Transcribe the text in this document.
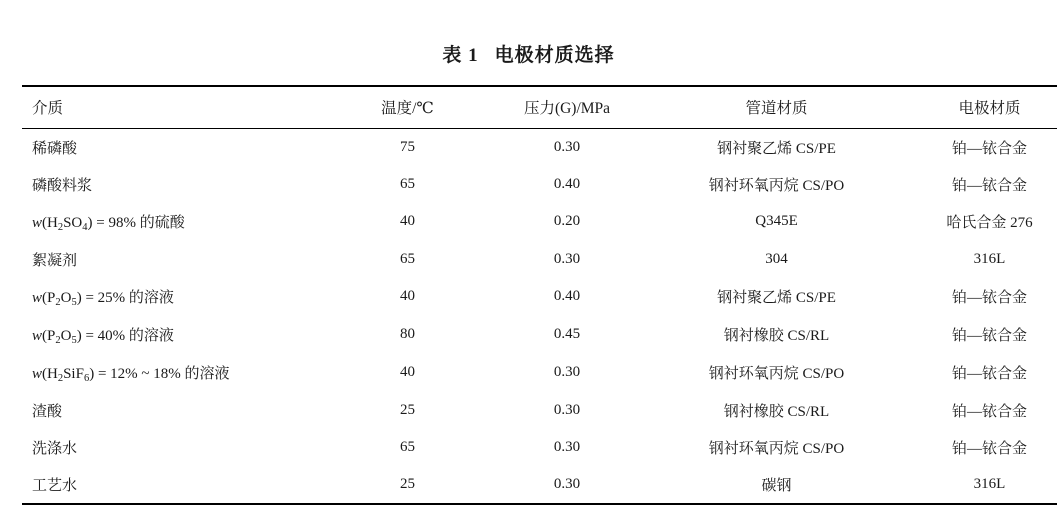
表 1 电极材质选择
介质	温度/℃	压力(G)/MPa	管道材质	电极材质
稀磷酸	75	0.30	钢衬聚乙烯 CS/PE	铂—铱合金
磷酸料浆	65	0.40	钢衬环氧丙烷 CS/PO	铂—铱合金
$w(H_2SO_4) = 98\%$ 的硫酸	40	0.20	Q345E	哈氏合金 276
絮凝剂	65	0.30	304	316L
$w(P_2O_5) = 25\%$ 的溶液	40	0.40	钢衬聚乙烯 CS/PE	铂—铱合金
$w(P_2O_5) = 40\%$ 的溶液	80	0.45	钢衬橡胶 CS/RL	铂—铱合金
$w(H_2SiF_6) = 12\%$ ~ 18% 的溶液	40	0.30	钢衬环氧丙烷 CS/PO	铂—铱合金
渣酸	25	0.30	钢衬橡胶 CS/RL	铂—铱合金
洗涤水	65	0.30	钢衬环氧丙烷 CS/PO	铂—铱合金
工艺水	25	0.30	碳钢	316L
